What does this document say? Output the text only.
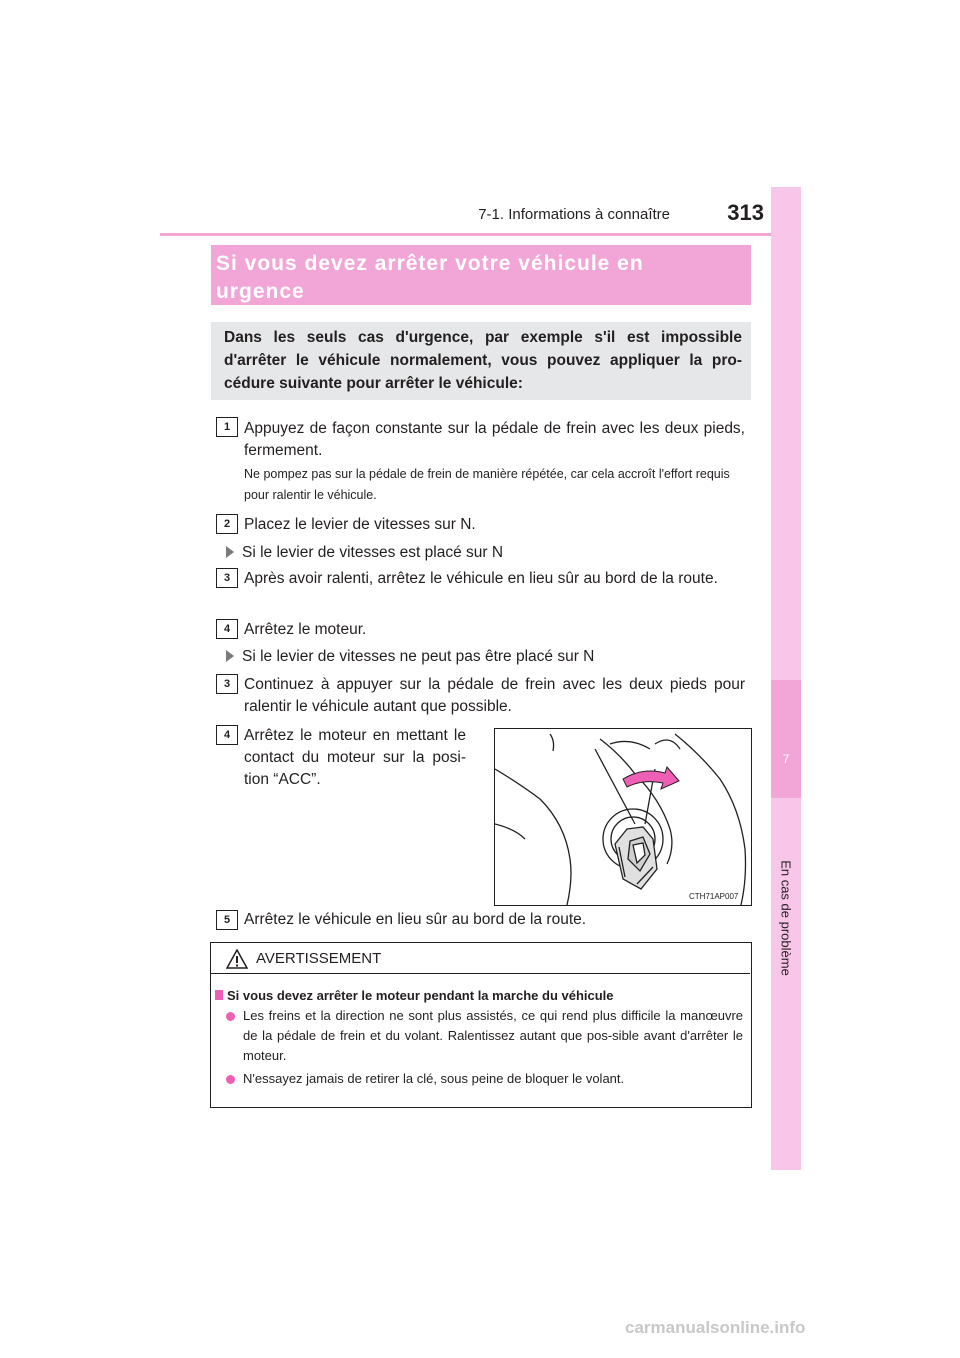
7-1. Informations à connaître	313
7
En cas de problème
Si vous devez arrêter votre véhicule en
urgence
Dans les seuls cas d'urgence, par exemple s'il est impossible d'arrêter le véhicule normalement, vous pouvez appliquer la pro-cédure suivante pour arrêter le véhicule:
1 Appuyez de façon constante sur la pédale de frein avec les deux pieds, fermement.
Ne pompez pas sur la pédale de frein de manière répétée, car cela accroît l'effort requis pour ralentir le véhicule.
2 Placez le levier de vitesses sur N.
Si le levier de vitesses est placé sur N
3 Après avoir ralenti, arrêtez le véhicule en lieu sûr au bord de la route.
4 Arrêtez le moteur.
Si le levier de vitesses ne peut pas être placé sur N
3 Continuez à appuyer sur la pédale de frein avec les deux pieds pour ralentir le véhicule autant que possible.
4 Arrêtez le moteur en mettant le contact du moteur sur la posi-tion “ACC”.
CTH71AP007
5 Arrêtez le véhicule en lieu sûr au bord de la route.
AVERTISSEMENT
Si vous devez arrêter le moteur pendant la marche du véhicule
Les freins et la direction ne sont plus assistés, ce qui rend plus difficile la manœuvre de la pédale de frein et du volant. Ralentissez autant que pos-sible avant d'arrêter le moteur.
N'essayez jamais de retirer la clé, sous peine de bloquer le volant.
carmanualsonline.info
